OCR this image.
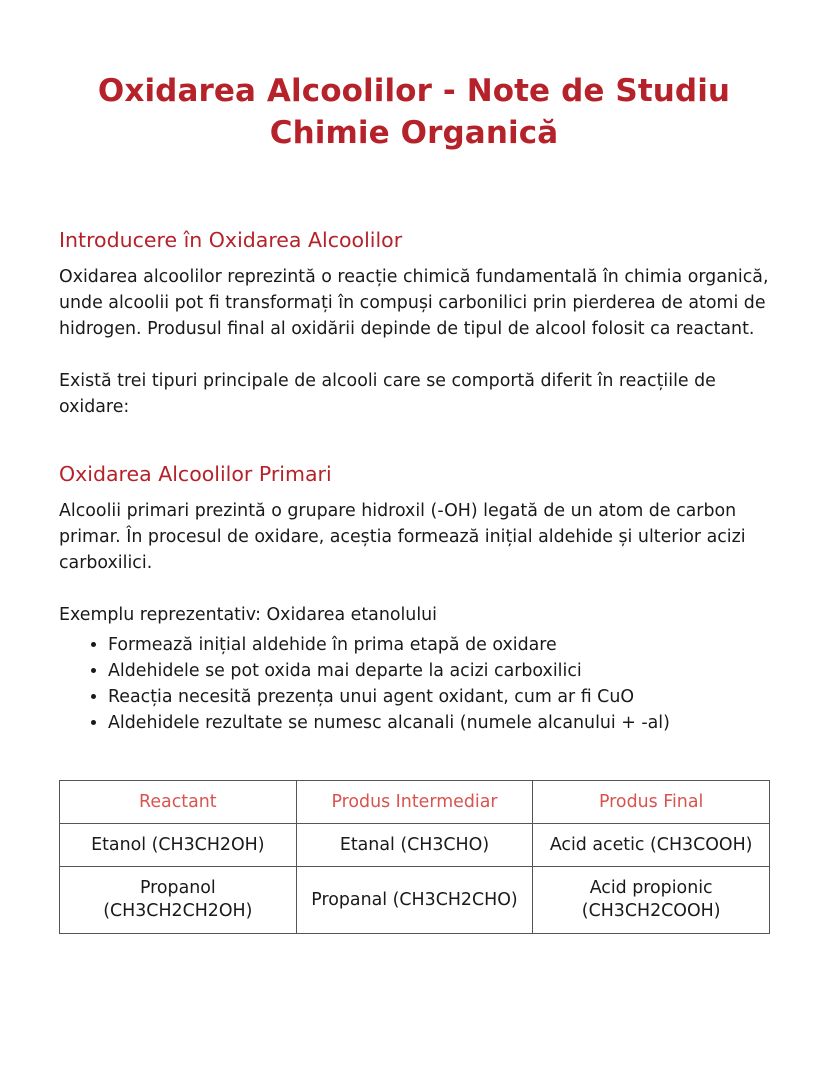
Oxidarea Alcoolilor - Note de Studiu Chimie Organică
Introducere în Oxidarea Alcoolilor

Oxidarea alcoolilor reprezintă o reacție chimică fundamentală în chimia organică, unde alcoolii pot fi transformați în compuși carbonilici prin pierderea de atomi de hidrogen. Produsul final al oxidării depinde de tipul de alcool folosit ca reactant.

Există trei tipuri principale de alcooli care se comportă diferit în reacțiile de oxidare:

Oxidarea Alcoolilor Primari

Alcoolii primari prezintă o grupare hidroxil (-OH) legată de un atom de carbon primar. În procesul de oxidare, aceștia formează inițial aldehide și ulterior acizi carboxilici.

Exemplu reprezentativ: Oxidarea etanolului

• Formează inițial aldehide în prima etapă de oxidare
• Aldehidele se pot oxida mai departe la acizi carboxilici
• Reacția necesită prezența unui agent oxidant, cum ar fi CuO
• Aldehidele rezultate se numesc alcanali (numele alcanului + -al)
Reactant	Produs Intermediar	Produs Final
Etanol (CH3CH2OH)	Etanal (CH3CHO)	Acid acetic (CH3COOH)
Propanol (CH3CH2CH2OH)	Propanal (CH3CH2CHO)	Acid propionic (CH3CH2COOH)
